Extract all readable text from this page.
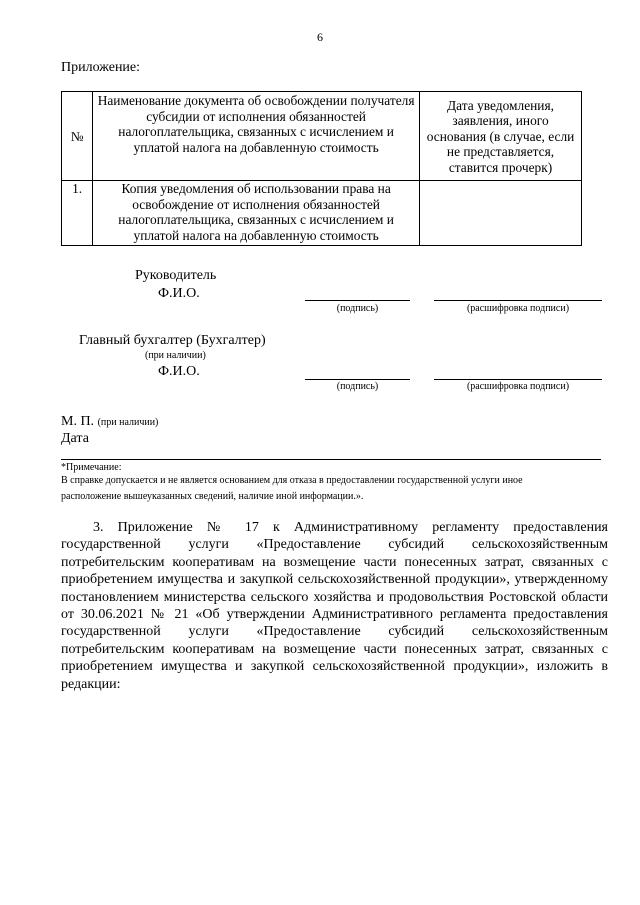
6
Приложение:
№	Наименование документа об освобождении получателя субсидии от исполнения обязанностей налогоплательщика, связанных с исчислением и уплатой налога на добавленную стоимость	Дата уведомления, заявления, иного основания (в случае, если не представляется, ставится прочерк)
1.	Копия уведомления об использовании права на освобождение от исполнения обязанностей налогоплательщика, связанных с исчислением и уплатой налога на добавленную стоимость	
Руководитель
Ф.И.О.
(подпись)	(расшифровка подписи)
Главный бухгалтер (Бухгалтер)
(при наличии)
Ф.И.О.
(подпись)	(расшифровка подписи)
М. П. (при наличии)
Дата
*Примечание:
В справке допускается и не является основанием для отказа в предоставлении государственной услуги иное
расположение вышеуказанных сведений, наличие иной информации.».
3. Приложение № 17 к Административному регламенту предоставления государственной услуги «Предоставление субсидий сельскохозяйственным потребительским кооперативам на возмещение части понесенных затрат, связанных с приобретением имущества и закупкой сельскохозяйственной продукции», утвержденному постановлением министерства сельского хозяйства и продовольствия Ростовской области от 30.06.2021 № 21 «Об утверждении Административного регламента предоставления государственной услуги «Предоставление субсидий сельскохозяйственным потребительским кооперативам на возмещение части понесенных затрат, связанных с приобретением имущества и закупкой сельскохозяйственной продукции», изложить в редакции:
